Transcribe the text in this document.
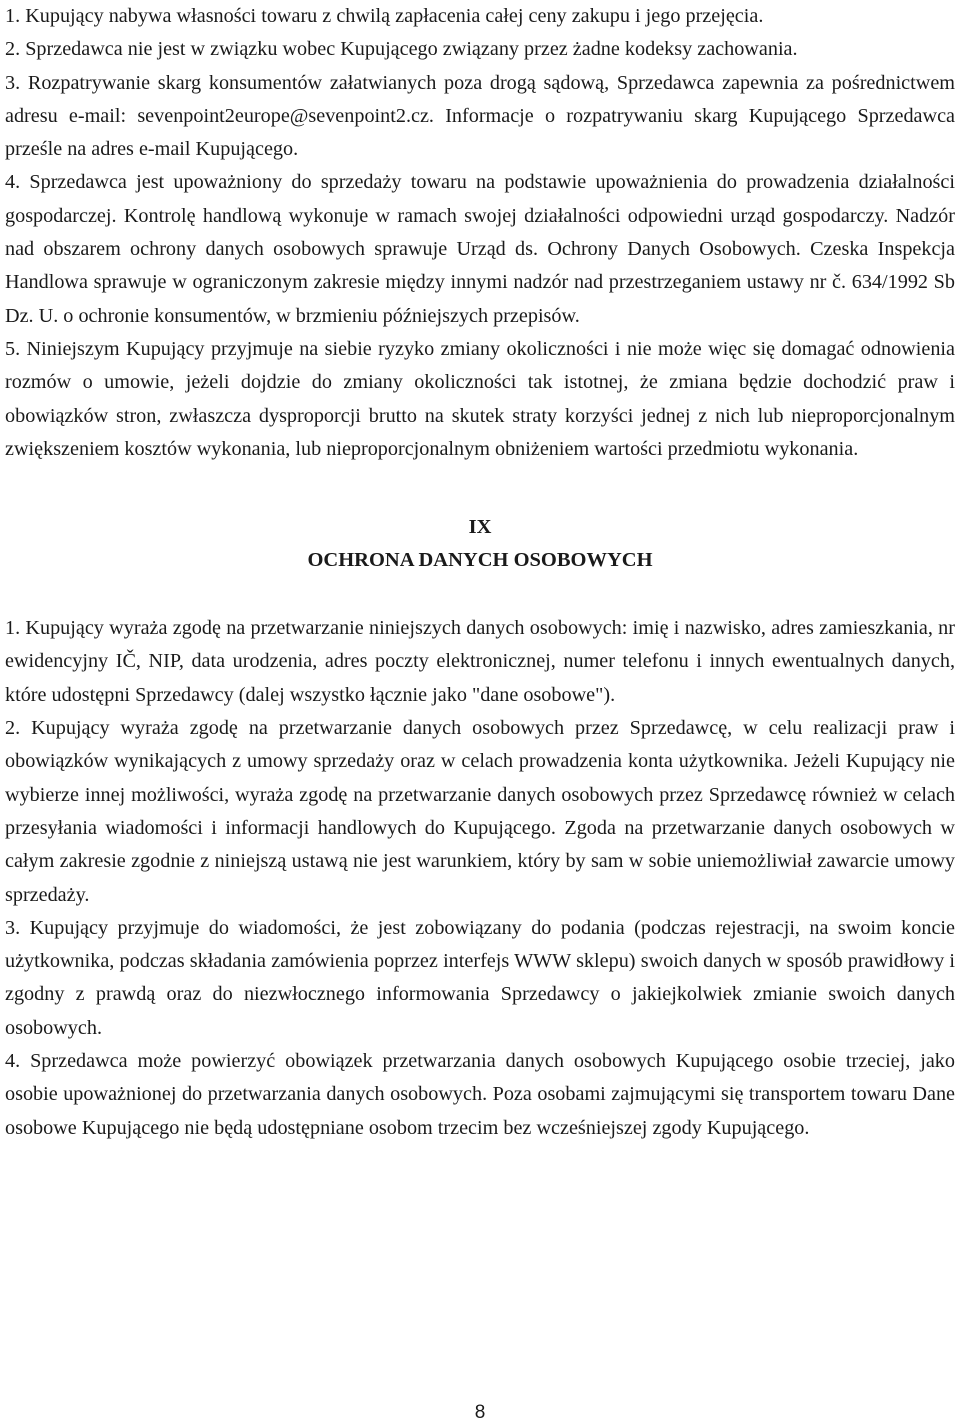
1. Kupujący nabywa własności towaru z chwilą zapłacenia całej ceny zakupu i jego przejęcia.

2. Sprzedawca nie jest w związku wobec Kupującego związany przez żadne kodeksy zachowania.

3. Rozpatrywanie skarg konsumentów załatwianych poza drogą sądową, Sprzedawca zapewnia za pośrednictwem adresu e-mail: sevenpoint2europe@sevenpoint2.cz. Informacje o rozpatrywaniu skarg Kupującego Sprzedawca prześle na adres e-mail Kupującego.

4. Sprzedawca jest upoważniony do sprzedaży towaru na podstawie upoważnienia do prowadzenia działalności gospodarczej. Kontrolę handlową wykonuje w ramach swojej działalności odpowiedni urząd gospodarczy. Nadzór nad obszarem ochrony danych osobowych sprawuje Urząd ds. Ochrony Danych Osobowych. Czeska Inspekcja Handlowa sprawuje w ograniczonym zakresie między innymi nadzór nad przestrzeganiem ustawy nr č. 634/1992 Sb Dz. U. o ochronie konsumentów, w brzmieniu późniejszych przepisów.

5. Niniejszym Kupujący przyjmuje na siebie ryzyko zmiany okoliczności i nie może więc się domagać odnowienia rozmów o umowie, jeżeli dojdzie do zmiany okoliczności tak istotnej, że zmiana będzie dochodzić praw i obowiązków stron, zwłaszcza dysproporcji brutto na skutek straty korzyści jednej z nich lub nieproporcjonalnym zwiększeniem kosztów wykonania, lub nieproporcjonalnym obniżeniem wartości przedmiotu wykonania.

IX
OCHRONA DANYCH OSOBOWYCH

1. Kupujący wyraża zgodę na przetwarzanie niniejszych danych osobowych: imię i nazwisko, adres zamieszkania, nr ewidencyjny IČ, NIP, data urodzenia, adres poczty elektronicznej, numer telefonu i innych ewentualnych danych, które udostępni Sprzedawcy (dalej wszystko łącznie jako "dane osobowe").

2. Kupujący wyraża zgodę na przetwarzanie danych osobowych przez Sprzedawcę, w celu realizacji praw i obowiązków wynikających z umowy sprzedaży oraz w celach prowadzenia konta użytkownika. Jeżeli Kupujący nie wybierze innej możliwości, wyraża zgodę na przetwarzanie danych osobowych przez Sprzedawcę również w celach przesyłania wiadomości i informacji handlowych do Kupującego. Zgoda na przetwarzanie danych osobowych w całym zakresie zgodnie z niniejszą ustawą nie jest warunkiem, który by sam w sobie uniemożliwiał zawarcie umowy sprzedaży.

3. Kupujący przyjmuje do wiadomości, że jest zobowiązany do podania (podczas rejestracji, na swoim koncie użytkownika, podczas składania zamówienia poprzez interfejs WWW sklepu) swoich danych w sposób prawidłowy i zgodny z prawdą oraz do niezwłocznego informowania Sprzedawcy o jakiejkolwiek zmianie swoich danych osobowych.

4. Sprzedawca może powierzyć obowiązek przetwarzania danych osobowych Kupującego osobie trzeciej, jako osobie upoważnionej do przetwarzania danych osobowych. Poza osobami zajmującymi się transportem towaru Dane osobowe Kupującego nie będą udostępniane osobom trzecim bez wcześniejszej zgody Kupującego.

8
